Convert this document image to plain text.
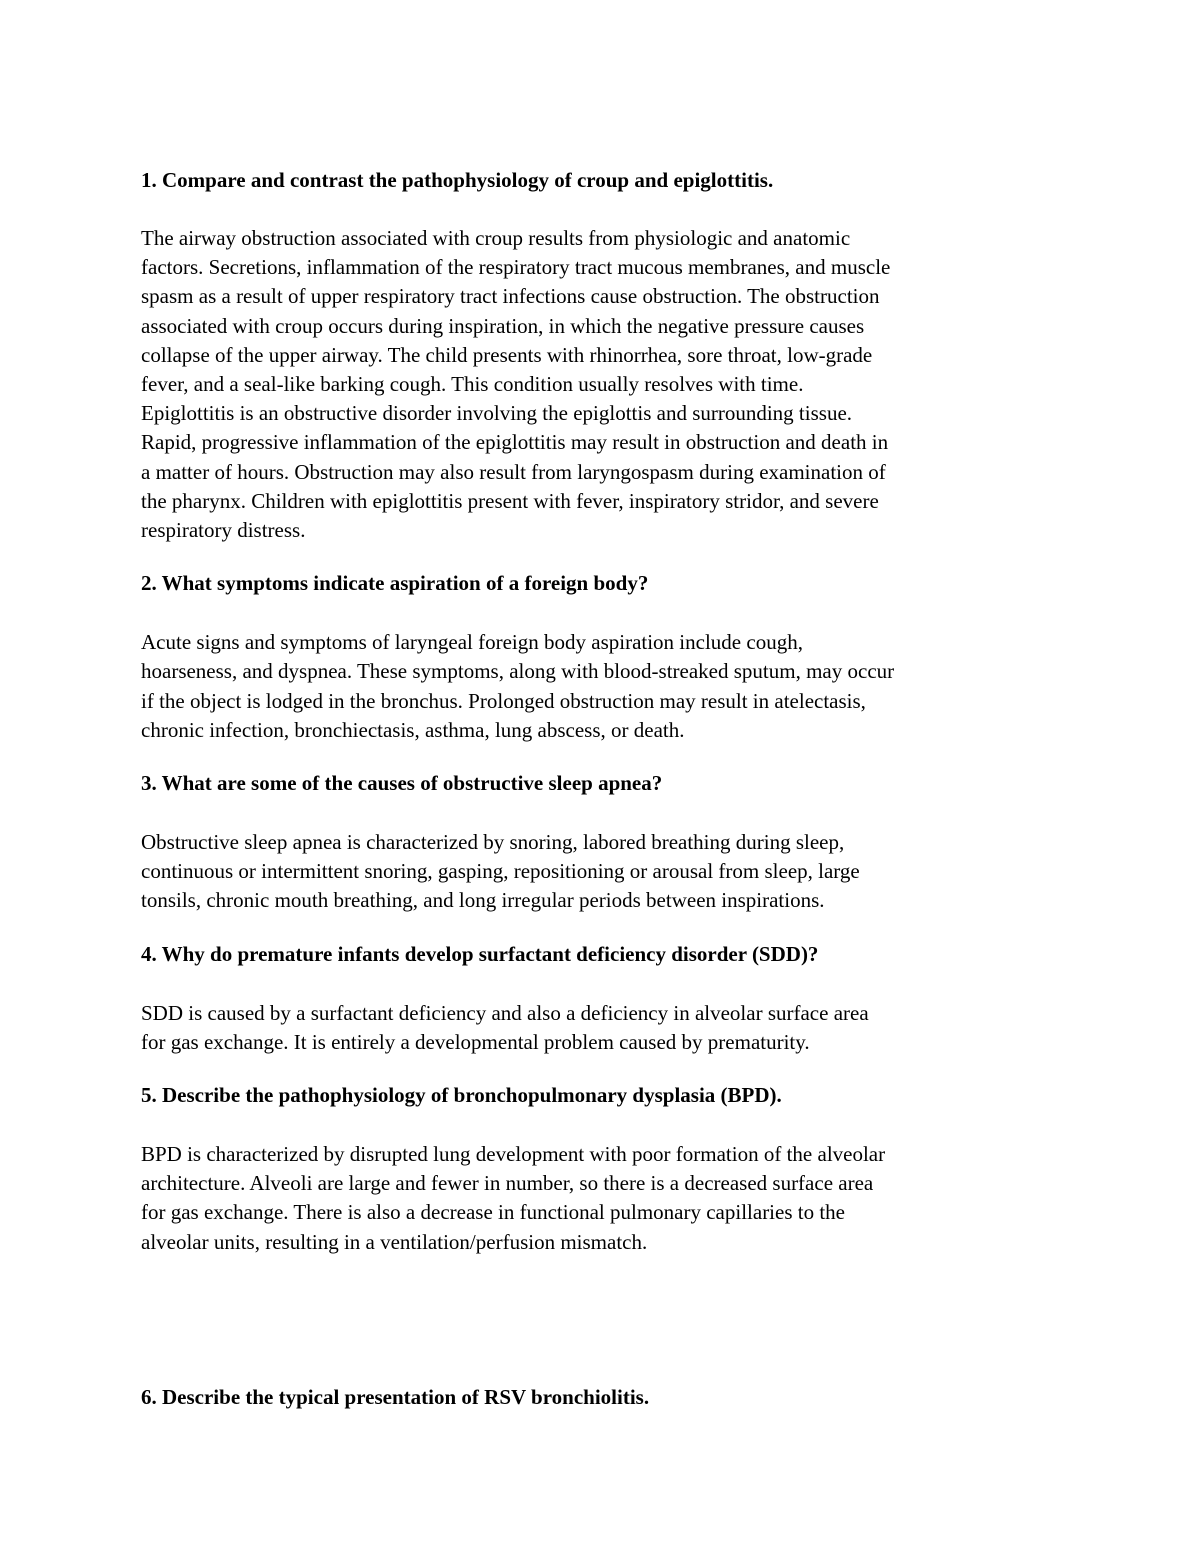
1. Compare and contrast the pathophysiology of croup and epiglottitis.

The airway obstruction associated with croup results from physiologic and anatomic
factors. Secretions, inflammation of the respiratory tract mucous membranes, and muscle
spasm as a result of upper respiratory tract infections cause obstruction. The obstruction
associated with croup occurs during inspiration, in which the negative pressure causes
collapse of the upper airway. The child presents with rhinorrhea, sore throat, low-grade
fever, and a seal-like barking cough. This condition usually resolves with time.
Epiglottitis is an obstructive disorder involving the epiglottis and surrounding tissue.
Rapid, progressive inflammation of the epiglottitis may result in obstruction and death in
a matter of hours. Obstruction may also result from laryngospasm during examination of
the pharynx. Children with epiglottitis present with fever, inspiratory stridor, and severe
respiratory distress.

2. What symptoms indicate aspiration of a foreign body?

Acute signs and symptoms of laryngeal foreign body aspiration include cough,
hoarseness, and dyspnea. These symptoms, along with blood-streaked sputum, may occur
if the object is lodged in the bronchus. Prolonged obstruction may result in atelectasis,
chronic infection, bronchiectasis, asthma, lung abscess, or death.

3. What are some of the causes of obstructive sleep apnea?

Obstructive sleep apnea is characterized by snoring, labored breathing during sleep,
continuous or intermittent snoring, gasping, repositioning or arousal from sleep, large
tonsils, chronic mouth breathing, and long irregular periods between inspirations.

4. Why do premature infants develop surfactant deficiency disorder (SDD)?

SDD is caused by a surfactant deficiency and also a deficiency in alveolar surface area
for gas exchange. It is entirely a developmental problem caused by prematurity.

5. Describe the pathophysiology of bronchopulmonary dysplasia (BPD).

BPD is characterized by disrupted lung development with poor formation of the alveolar
architecture. Alveoli are large and fewer in number, so there is a decreased surface area
for gas exchange. There is also a decrease in functional pulmonary capillaries to the
alveolar units, resulting in a ventilation/perfusion mismatch.

6. Describe the typical presentation of RSV bronchiolitis.
